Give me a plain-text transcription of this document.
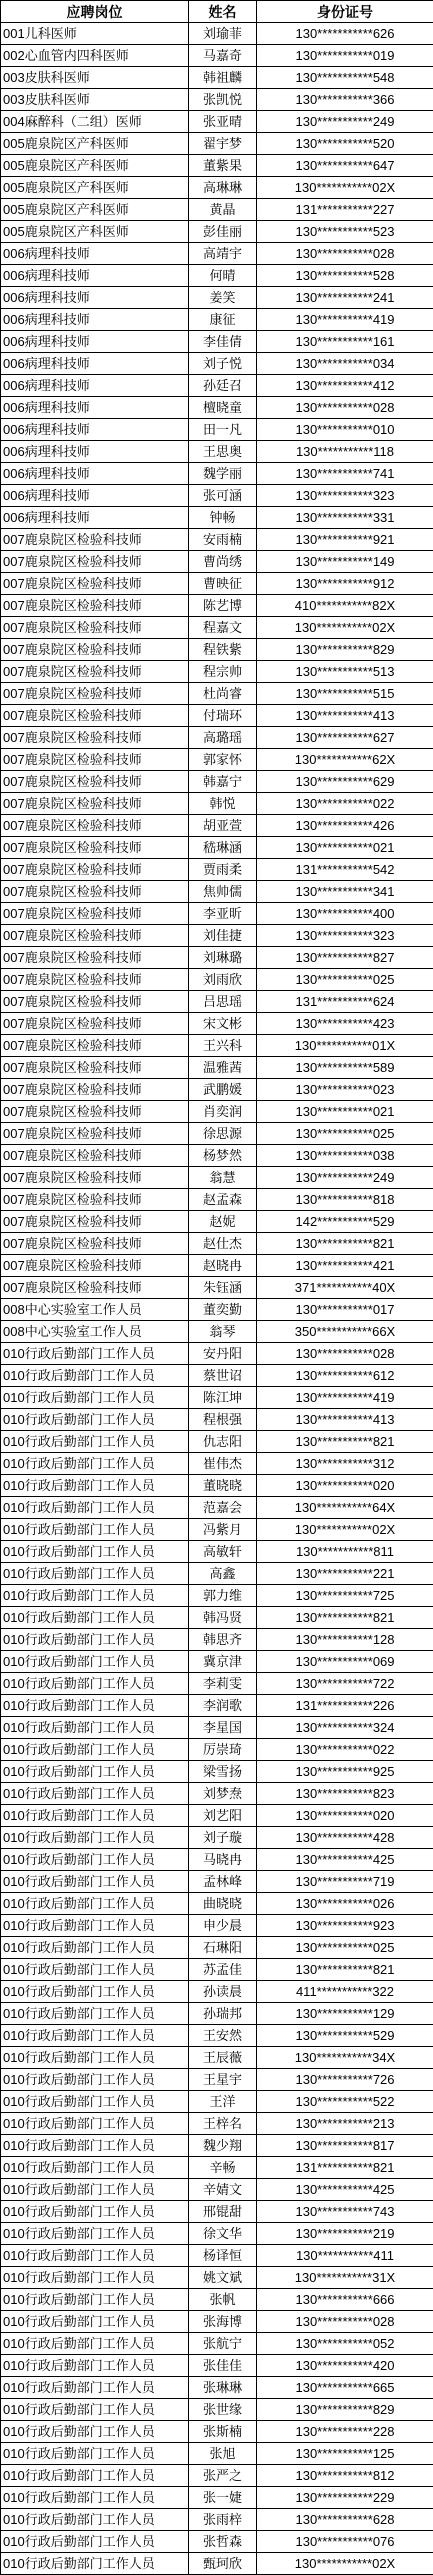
应聘岗位	姓名	身份证号
001儿科医师	刘瑜菲	130***********626
002心血管内四科医师	马嘉奇	130***********019
003皮肤科医师	韩祖麟	130***********548
003皮肤科医师	张凯悦	130***********366
004麻醉科（二组）医师	张亚晴	130***********249
005鹿泉院区产科医师	翟宇梦	130***********520
005鹿泉院区产科医师	董紫果	130***********647
005鹿泉院区产科医师	高琳琳	130***********02X
005鹿泉院区产科医师	黄晶	131***********227
005鹿泉院区产科医师	彭佳丽	130***********523
006病理科技师	高靖宇	130***********028
006病理科技师	何晴	130***********528
006病理科技师	姜笑	130***********241
006病理科技师	康征	130***********419
006病理科技师	李佳倩	130***********161
006病理科技师	刘子悦	130***********034
006病理科技师	孙廷召	130***********412
006病理科技师	檀晓童	130***********028
006病理科技师	田一凡	130***********010
006病理科技师	王思奥	130***********118
006病理科技师	魏学丽	130***********741
006病理科技师	张可涵	130***********323
006病理科技师	钟畅	130***********331
007鹿泉院区检验科技师	安雨楠	130***********921
007鹿泉院区检验科技师	曹尚绣	130***********149
007鹿泉院区检验科技师	曹映征	130***********912
007鹿泉院区检验科技师	陈艺博	410***********82X
007鹿泉院区检验科技师	程嘉文	130***********02X
007鹿泉院区检验科技师	程铁紫	130***********829
007鹿泉院区检验科技师	程宗帅	130***********513
007鹿泉院区检验科技师	杜尚睿	130***********515
007鹿泉院区检验科技师	付瑞环	130***********413
007鹿泉院区检验科技师	高璐瑶	130***********627
007鹿泉院区检验科技师	郭家怀	130***********62X
007鹿泉院区检验科技师	韩嘉宁	130***********629
007鹿泉院区检验科技师	韩悦	130***********022
007鹿泉院区检验科技师	胡亚萱	130***********426
007鹿泉院区检验科技师	嵇琳涵	130***********021
007鹿泉院区检验科技师	贾雨柔	131***********542
007鹿泉院区检验科技师	焦帅儒	130***********341
007鹿泉院区检验科技师	李亚昕	130***********400
007鹿泉院区检验科技师	刘佳捷	130***********323
007鹿泉院区检验科技师	刘琳璐	130***********827
007鹿泉院区检验科技师	刘雨欣	130***********025
007鹿泉院区检验科技师	吕思瑶	131***********624
007鹿泉院区检验科技师	宋文彬	130***********423
007鹿泉院区检验科技师	王兴科	130***********01X
007鹿泉院区检验科技师	温雅茜	130***********589
007鹿泉院区检验科技师	武鹏媛	130***********023
007鹿泉院区检验科技师	肖奕润	130***********021
007鹿泉院区检验科技师	徐思源	130***********025
007鹿泉院区检验科技师	杨梦然	130***********038
007鹿泉院区检验科技师	翁慧	130***********249
007鹿泉院区检验科技师	赵孟森	130***********818
007鹿泉院区检验科技师	赵妮	142***********529
007鹿泉院区检验科技师	赵仕杰	130***********821
007鹿泉院区检验科技师	赵晓冉	130***********421
007鹿泉院区检验科技师	朱钰涵	371***********40X
008中心实验室工作人员	董奕勤	130***********017
008中心实验室工作人员	翁琴	350***********66X
010行政后勤部门工作人员	安丹阳	130***********028
010行政后勤部门工作人员	蔡世诏	130***********612
010行政后勤部门工作人员	陈江坤	130***********419
010行政后勤部门工作人员	程根强	130***********413
010行政后勤部门工作人员	仇志阳	130***********821
010行政后勤部门工作人员	崔伟杰	130***********312
010行政后勤部门工作人员	董晓晓	130***********020
010行政后勤部门工作人员	范嘉会	130***********64X
010行政后勤部门工作人员	冯紫月	130***********02X
010行政后勤部门工作人员	高敏轩	130***********811
010行政后勤部门工作人员	高鑫	130***********221
010行政后勤部门工作人员	郭力维	130***********725
010行政后勤部门工作人员	韩冯贤	130***********821
010行政后勤部门工作人员	韩思齐	130***********128
010行政后勤部门工作人员	冀京津	130***********069
010行政后勤部门工作人员	李莉雯	130***********722
010行政后勤部门工作人员	李润歌	131***********226
010行政后勤部门工作人员	李星国	130***********324
010行政后勤部门工作人员	厉崇琦	130***********022
010行政后勤部门工作人员	梁雪扬	130***********925
010行政后勤部门工作人员	刘梦焘	130***********823
010行政后勤部门工作人员	刘艺阳	130***********020
010行政后勤部门工作人员	刘子璇	130***********428
010行政后勤部门工作人员	马晓冉	130***********425
010行政后勤部门工作人员	孟林峰	130***********719
010行政后勤部门工作人员	曲晓晓	130***********026
010行政后勤部门工作人员	申少晨	130***********923
010行政后勤部门工作人员	石琳阳	130***********025
010行政后勤部门工作人员	苏孟佳	130***********821
010行政后勤部门工作人员	孙读晨	411***********322
010行政后勤部门工作人员	孙瑞邦	130***********129
010行政后勤部门工作人员	王安然	130***********529
010行政后勤部门工作人员	王辰薇	130***********34X
010行政后勤部门工作人员	王星宇	130***********726
010行政后勤部门工作人员	王洋	130***********522
010行政后勤部门工作人员	王梓名	130***********213
010行政后勤部门工作人员	魏少翔	130***********817
010行政后勤部门工作人员	辛畅	131***********821
010行政后勤部门工作人员	辛婧文	130***********425
010行政后勤部门工作人员	邢锟甜	130***********743
010行政后勤部门工作人员	徐文华	130***********219
010行政后勤部门工作人员	杨译恒	130***********411
010行政后勤部门工作人员	姚文斌	130***********31X
010行政后勤部门工作人员	张帆	130***********666
010行政后勤部门工作人员	张海博	130***********028
010行政后勤部门工作人员	张航宁	130***********052
010行政后勤部门工作人员	张佳佳	130***********420
010行政后勤部门工作人员	张琳琳	130***********665
010行政后勤部门工作人员	张世缘	130***********829
010行政后勤部门工作人员	张斯楠	130***********228
010行政后勤部门工作人员	张旭	130***********125
010行政后勤部门工作人员	张严之	130***********812
010行政后勤部门工作人员	张一婕	130***********229
010行政后勤部门工作人员	张雨梓	130***********628
010行政后勤部门工作人员	张哲森	130***********076
010行政后勤部门工作人员	甄珂欣	130***********02X
